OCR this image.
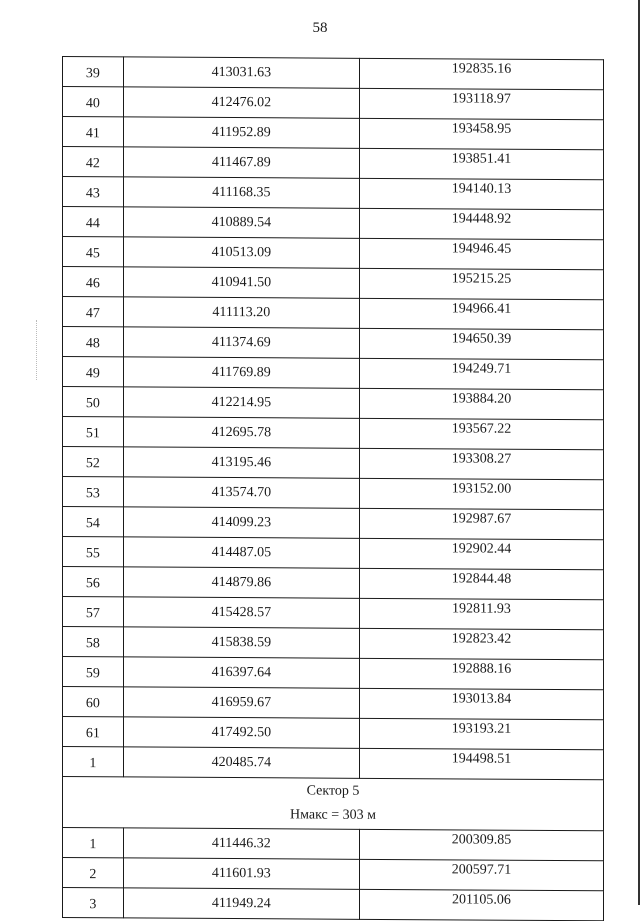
58
39	413031.63	192835.16
40	412476.02	193118.97
41	411952.89	193458.95
42	411467.89	193851.41
43	411168.35	194140.13
44	410889.54	194448.92
45	410513.09	194946.45
46	410941.50	195215.25
47	411113.20	194966.41
48	411374.69	194650.39
49	411769.89	194249.71
50	412214.95	193884.20
51	412695.78	193567.22
52	413195.46	193308.27
53	413574.70	193152.00
54	414099.23	192987.67
55	414487.05	192902.44
56	414879.86	192844.48
57	415428.57	192811.93
58	415838.59	192823.42
59	416397.64	192888.16
60	416959.67	193013.84
61	417492.50	193193.21
1	420485.74	194498.51

Сектор 5
Нмакс = 303 м		

1	411446.32	200309.85
2	411601.93	200597.71
3	411949.24	201105.06
